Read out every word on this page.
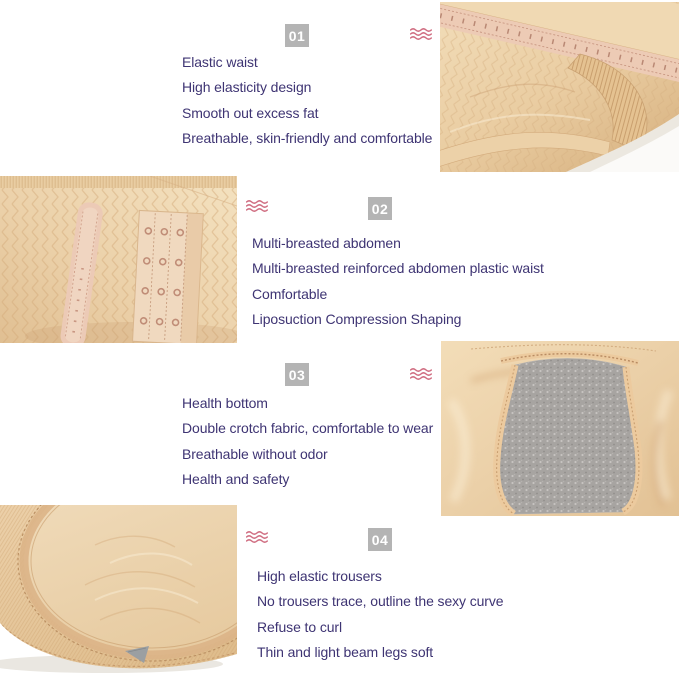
01
Elastic waist
High elasticity design
Smooth out excess fat
Breathable, skin-friendly and comfortable
02
Multi-breasted abdomen
Multi-breasted reinforced abdomen plastic waist
Comfortable
Liposuction Compression Shaping
03
Health bottom
Double crotch fabric, comfortable to wear
Breathable without odor
Health and safety
04
High elastic trousers
No trousers trace, outline the sexy curve
Refuse to curl
Thin and light beam legs soft
